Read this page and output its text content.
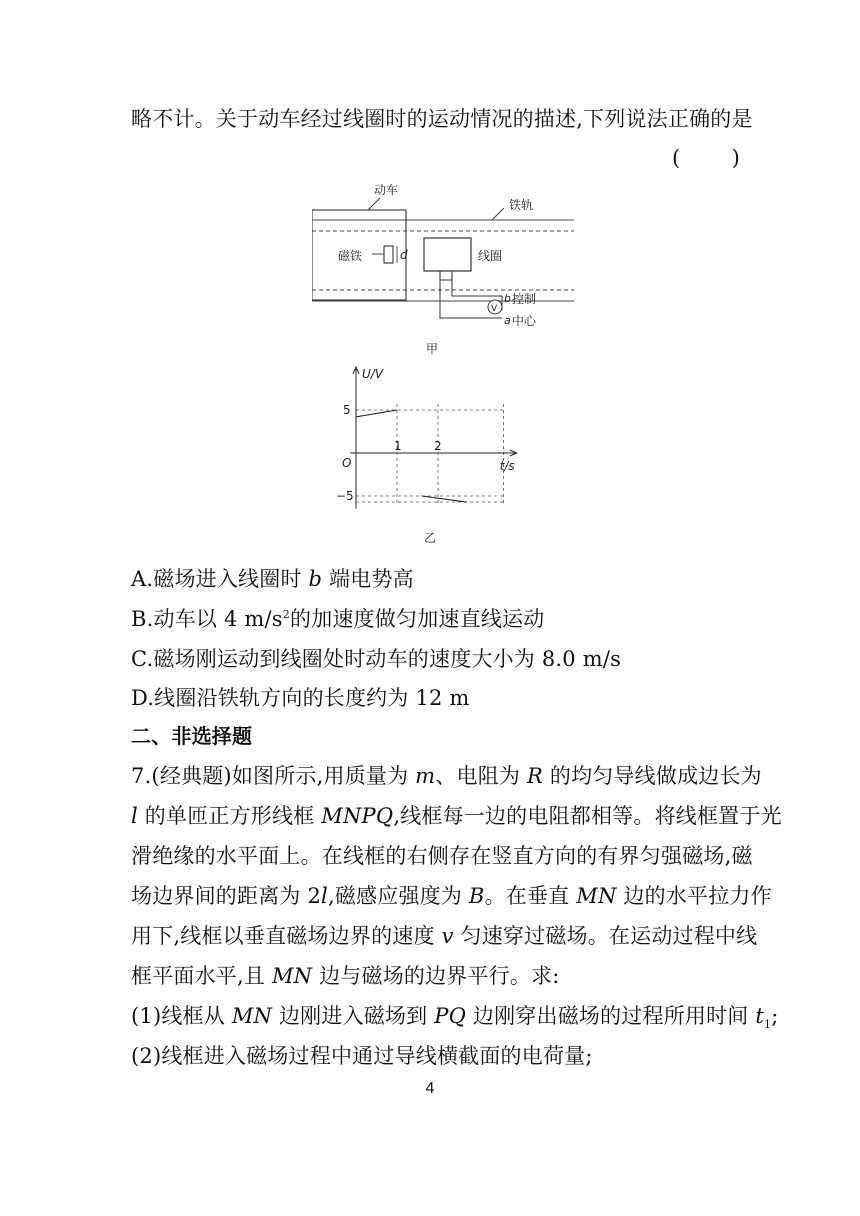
略不计。关于动车经过线圈时的运动情况的描述,下列说法正确的是
( )
动车
铁轨
磁铁	d	线圈
V
b 控制
a 中心
甲
U/V
t/s
O
1	2
5
−5
乙
A.磁场进入线圈时 b 端电势高
B.动车以 4 $m/s^2$的加速度做匀加速直线运动
C.磁场刚运动到线圈处时动车的速度大小为 8.0 m/s
D.线圈沿铁轨方向的长度约为 12 m
二、非选择题
7.(经典题)如图所示,用质量为 m、电阻为 R 的均匀导线做成边长为
l 的单匝正方形线框 MNPQ,线框每一边的电阻都相等。将线框置于光
滑绝缘的水平面上。在线框的右侧存在竖直方向的有界匀强磁场,磁
场边界间的距离为 2l,磁感应强度为 B。在垂直 MN 边的水平拉力作
用下,线框以垂直磁场边界的速度 v 匀速穿过磁场。在运动过程中线
框平面水平,且 MN 边与磁场的边界平行。求:
(1)线框从 MN 边刚进入磁场到 PQ 边刚穿出磁场的过程所用时间 $t_1$;
(2)线框进入磁场过程中通过导线横截面的电荷量;
4
